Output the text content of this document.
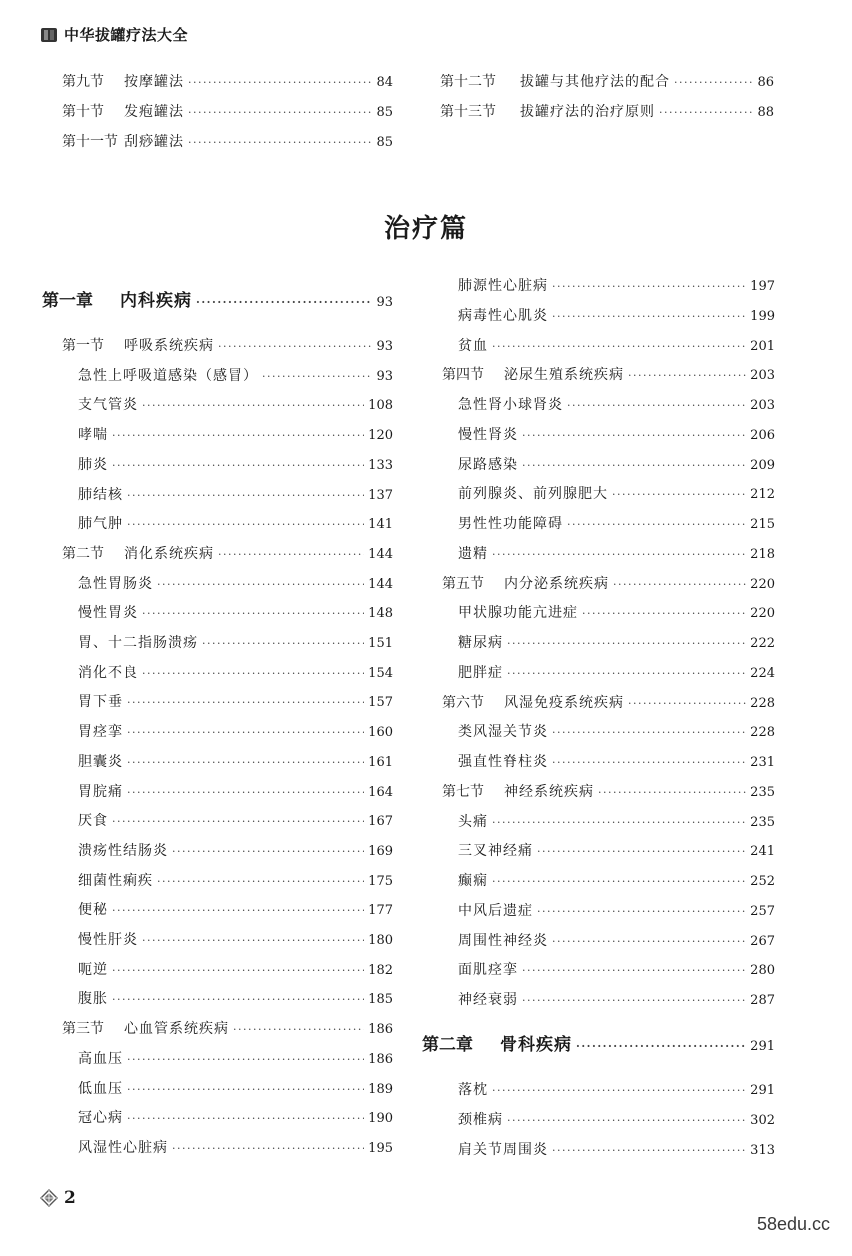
中华拔罐疗法大全
第九节	按摩罐法 ·····	84
第十节	发疱罐法 ·····	85
第十一节 刮痧罐法 ·····	85
第十二节	拔罐与其他疗法的配合 ·····	86
第十三节	拔罐疗法的治疗原则 ·····	88
治疗篇
第一章	内科疾病 ·····	93
第一节	呼吸系统疾病 ·····	93
急性上呼吸道感染（感冒） ·····	93
支气管炎 ·····	108
哮喘 ·····	120
肺炎 ·····	133
肺结核 ·····	137
肺气肿 ·····	141
第二节	消化系统疾病 ·····	144
急性胃肠炎 ·····	144
慢性胃炎 ·····	148
胃、十二指肠溃疡 ·····	151
消化不良 ·····	154
胃下垂 ·····	157
胃痉挛 ·····	160
胆囊炎 ·····	161
胃脘痛 ·····	164
厌食 ·····	167
溃疡性结肠炎 ·····	169
细菌性痢疾 ·····	175
便秘 ·····	177
慢性肝炎 ·····	180
呃逆 ·····	182
腹胀 ·····	185
第三节	心血管系统疾病 ·····	186
高血压 ·····	186
低血压 ·····	189
冠心病 ·····	190
风湿性心脏病 ·····	195
肺源性心脏病 ·····	197
病毒性心肌炎 ·····	199
贫血 ·····	201
第四节	泌尿生殖系统疾病 ·····	203
急性肾小球肾炎 ·····	203
慢性肾炎 ·····	206
尿路感染 ·····	209
前列腺炎、前列腺肥大 ·····	212
男性性功能障碍 ·····	215
遗精 ·····	218
第五节	内分泌系统疾病 ·····	220
甲状腺功能亢进症 ·····	220
糖尿病 ·····	222
肥胖症 ·····	224
第六节	风湿免疫系统疾病 ·····	228
类风湿关节炎 ·····	228
强直性脊柱炎 ·····	231
第七节	神经系统疾病 ·····	235
头痛 ·····	235
三叉神经痛 ·····	241
癫痫 ·····	252
中风后遗症 ·····	257
周围性神经炎 ·····	267
面肌痉挛 ·····	280
神经衰弱 ·····	287
第二章	骨科疾病 ·····	291
落枕 ·····	291
颈椎病 ·····	302
肩关节周围炎 ·····	313
2
58edu.cc
